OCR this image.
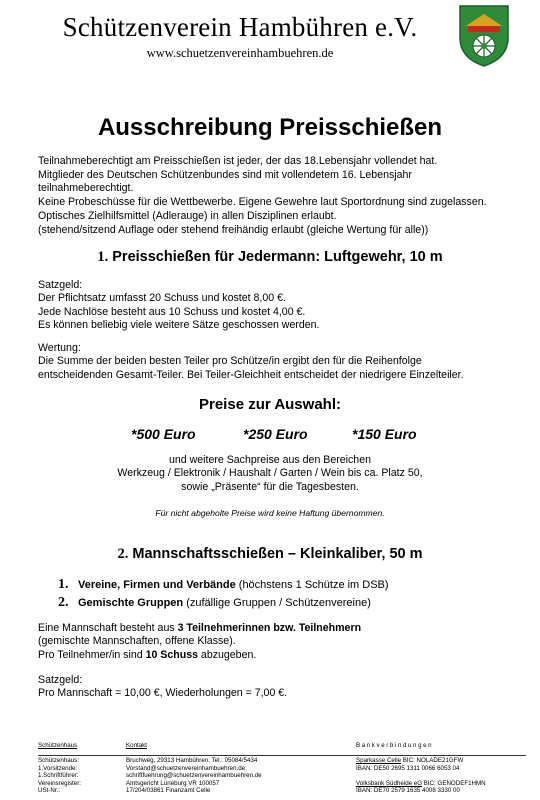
Schützenverein Hambühren e.V.
www.schuetzenvereinhambuehren.de
Ausschreibung Preisschießen
Teilnahmeberechtigt am Preisschießen ist jeder, der das 18.Lebensjahr vollendet hat.
Mitglieder des Deutschen Schützenbundes sind mit vollendetem 16. Lebensjahr
teilnahmeberechtigt.
Keine Probeschüsse für die Wettbewerbe. Eigene Gewehre laut Sportordnung sind zugelassen.
Optisches Zielhilfsmittel (Adlerauge) in allen Disziplinen erlaubt.
(stehend/sitzend Auflage oder stehend freihändig erlaubt (gleiche Wertung für alle))
1. Preisschießen für Jedermann: Luftgewehr, 10 m
Satzgeld:
Der Pflichtsatz umfasst 20 Schuss und kostet 8,00 €.
Jede Nachlöse besteht aus 10 Schuss und kostet 4,00 €.
Es können beliebig viele weitere Sätze geschossen werden.
Wertung:
Die Summe der beiden besten Teiler pro Schütze/in ergibt den für die Reihenfolge
entscheidenden Gesamt-Teiler. Bei Teiler-Gleichheit entscheidet der niedrigere Einzelteiler.
Preise zur Auswahl:
*500 Euro	*250 Euro	*150 Euro
und weitere Sachpreise aus den Bereichen
Werkzeug / Elektronik / Haushalt / Garten / Wein bis ca. Platz 50,
sowie „Präsente“ für die Tagesbesten.
Für nicht abgeholte Preise wird keine Haftung übernommen.
2. Mannschaftsschießen – Kleinkaliber, 50 m
1. Vereine, Firmen und Verbände (höchstens 1 Schütze im DSB)
2. Gemischte Gruppen (zufällige Gruppen / Schützenvereine)
Eine Mannschaft besteht aus 3 Teilnehmerinnen bzw. Teilnehmern
(gemischte Mannschaften, offene Klasse).
Pro Teilnehmer/in sind 10 Schuss abzugeben.
Satzgeld:
Pro Mannschaft = 10,00 €, Wiederholungen = 7,00 €.
Schützenhaus
Schützenhaus:
1.Vorsitzende:
1.Schriftführer:
Vereinsregister:
USt-Nr.:
Kontakt
Bruchweg, 29313 Hambühren, Tel.: 05084/5434
Vorstand@schuetzenvereinhambuehren.de
schriftfuehrung@schuetzenvereinhambuehren.de
Amtsgericht Lüneburg VR 100057
17/204/03861 Finanzamt Celle
Bankverbindungen
Sparkasse Celle BIC: NOLADE21GFW
IBAN: DE50 2695 1311 0066 6053 04

Volksbank Südheide eG BIC: GENODEF1HMN
IBAN: DE70 2579 1635 4008 3330 00
